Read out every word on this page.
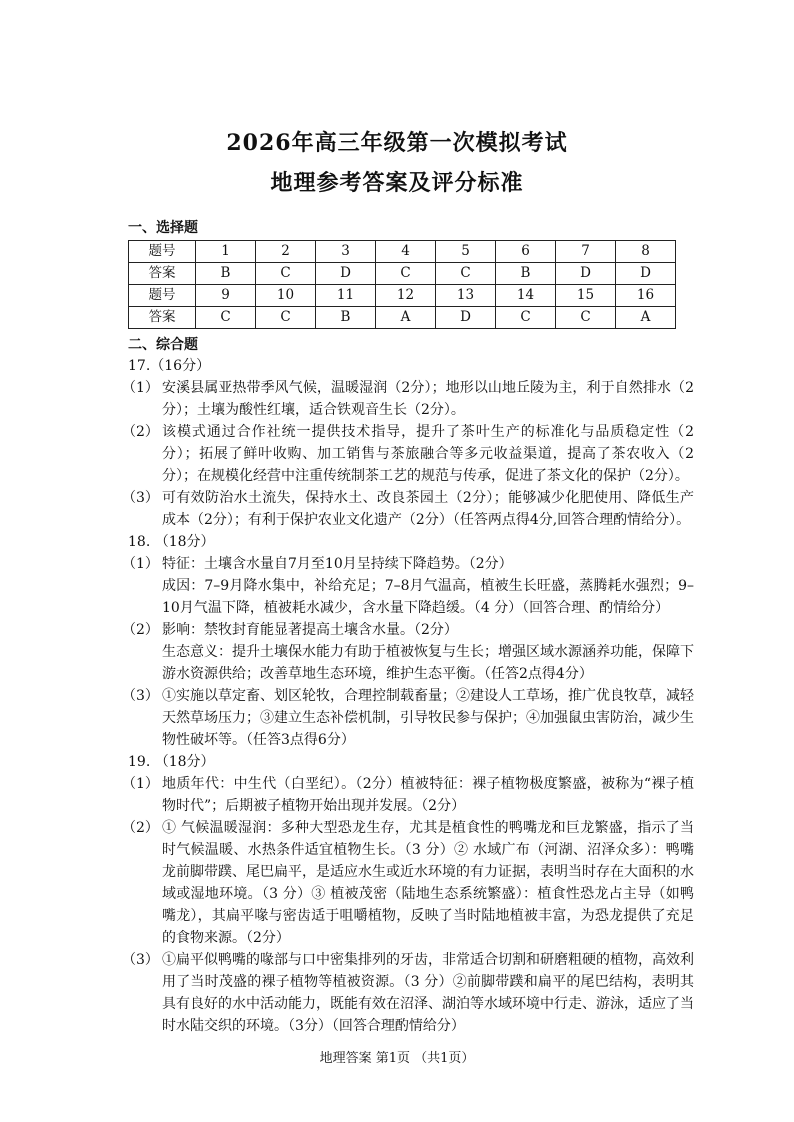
2026年高三年级第一次模拟考试
地理参考答案及评分标准
一、选择题
题号	1	2	3	4	5	6	7	8
答案	B	C	D	C	C	B	D	D
题号	9	10	11	12	13	14	15	16
答案	C	C	B	A	D	C	C	A
二、综合题
17.（16分）
（1） 安溪县属亚热带季风气候，温暖湿润（2分）；地形以山地丘陵为主，利于自然排水（2分）；土壤为酸性红壤，适合铁观音生长（2分）。
（2） 该模式通过合作社统一提供技术指导，提升了茶叶生产的标准化与品质稳定性（2分）；拓展了鲜叶收购、加工销售与茶旅融合等多元收益渠道，提高了茶农收入（2分）；在规模化经营中注重传统制茶工艺的规范与传承，促进了茶文化的保护（2分）。
（3） 可有效防治水土流失，保持水土、改良茶园土（2分）；能够减少化肥使用、降低生产成本（2分）；有利于保护农业文化遗产（2分）（任答两点得4分,回答合理酌情给分）。
18. （18分）
（1） 特征：土壤含水量自7月至10月呈持续下降趋势。（2分）
成因：7–9月降水集中，补给充足；7–8月气温高，植被生长旺盛，蒸腾耗水强烈；9–10月气温下降，植被耗水减少，含水量下降趋缓。（4 分）（回答合理、酌情给分）
（2） 影响：禁牧封育能显著提高土壤含水量。（2分）
生态意义：提升土壤保水能力有助于植被恢复与生长；增强区域水源涵养功能，保障下游水资源供给；改善草地生态环境，维护生态平衡。（任答2点得4分）
（3） ①实施以草定畜、划区轮牧，合理控制载畜量；②建设人工草场，推广优良牧草，减轻天然草场压力；③建立生态补偿机制，引导牧民参与保护；④加强鼠虫害防治，减少生物性破坏等。（任答3点得6分）
19. （18分）
（1） 地质年代：中生代（白垩纪）。（2分）植被特征：裸子植物极度繁盛，被称为“裸子植物时代”；后期被子植物开始出现并发展。（2分）
（2） ① 气候温暖湿润：多种大型恐龙生存，尤其是植食性的鸭嘴龙和巨龙繁盛，指示了当时气候温暖、水热条件适宜植物生长。（3 分）② 水域广布（河湖、沼泽众多）：鸭嘴龙前脚带蹼、尾巴扁平，是适应水生或近水环境的有力证据，表明当时存在大面积的水域或湿地环境。（3 分）③ 植被茂密（陆地生态系统繁盛）：植食性恐龙占主导（如鸭嘴龙），其扁平喙与密齿适于咀嚼植物，反映了当时陆地植被丰富，为恐龙提供了充足的食物来源。（2分）
（3） ①扁平似鸭嘴的喙部与口中密集排列的牙齿，非常适合切割和研磨粗硬的植物，高效利用了当时茂盛的裸子植物等植被资源。（3 分）②前脚带蹼和扁平的尾巴结构，表明其具有良好的水中活动能力，既能有效在沼泽、湖泊等水域环境中行走、游泳，适应了当时水陆交织的环境。（3分）（回答合理酌情给分）
地理答案 第1页 （共1页）
